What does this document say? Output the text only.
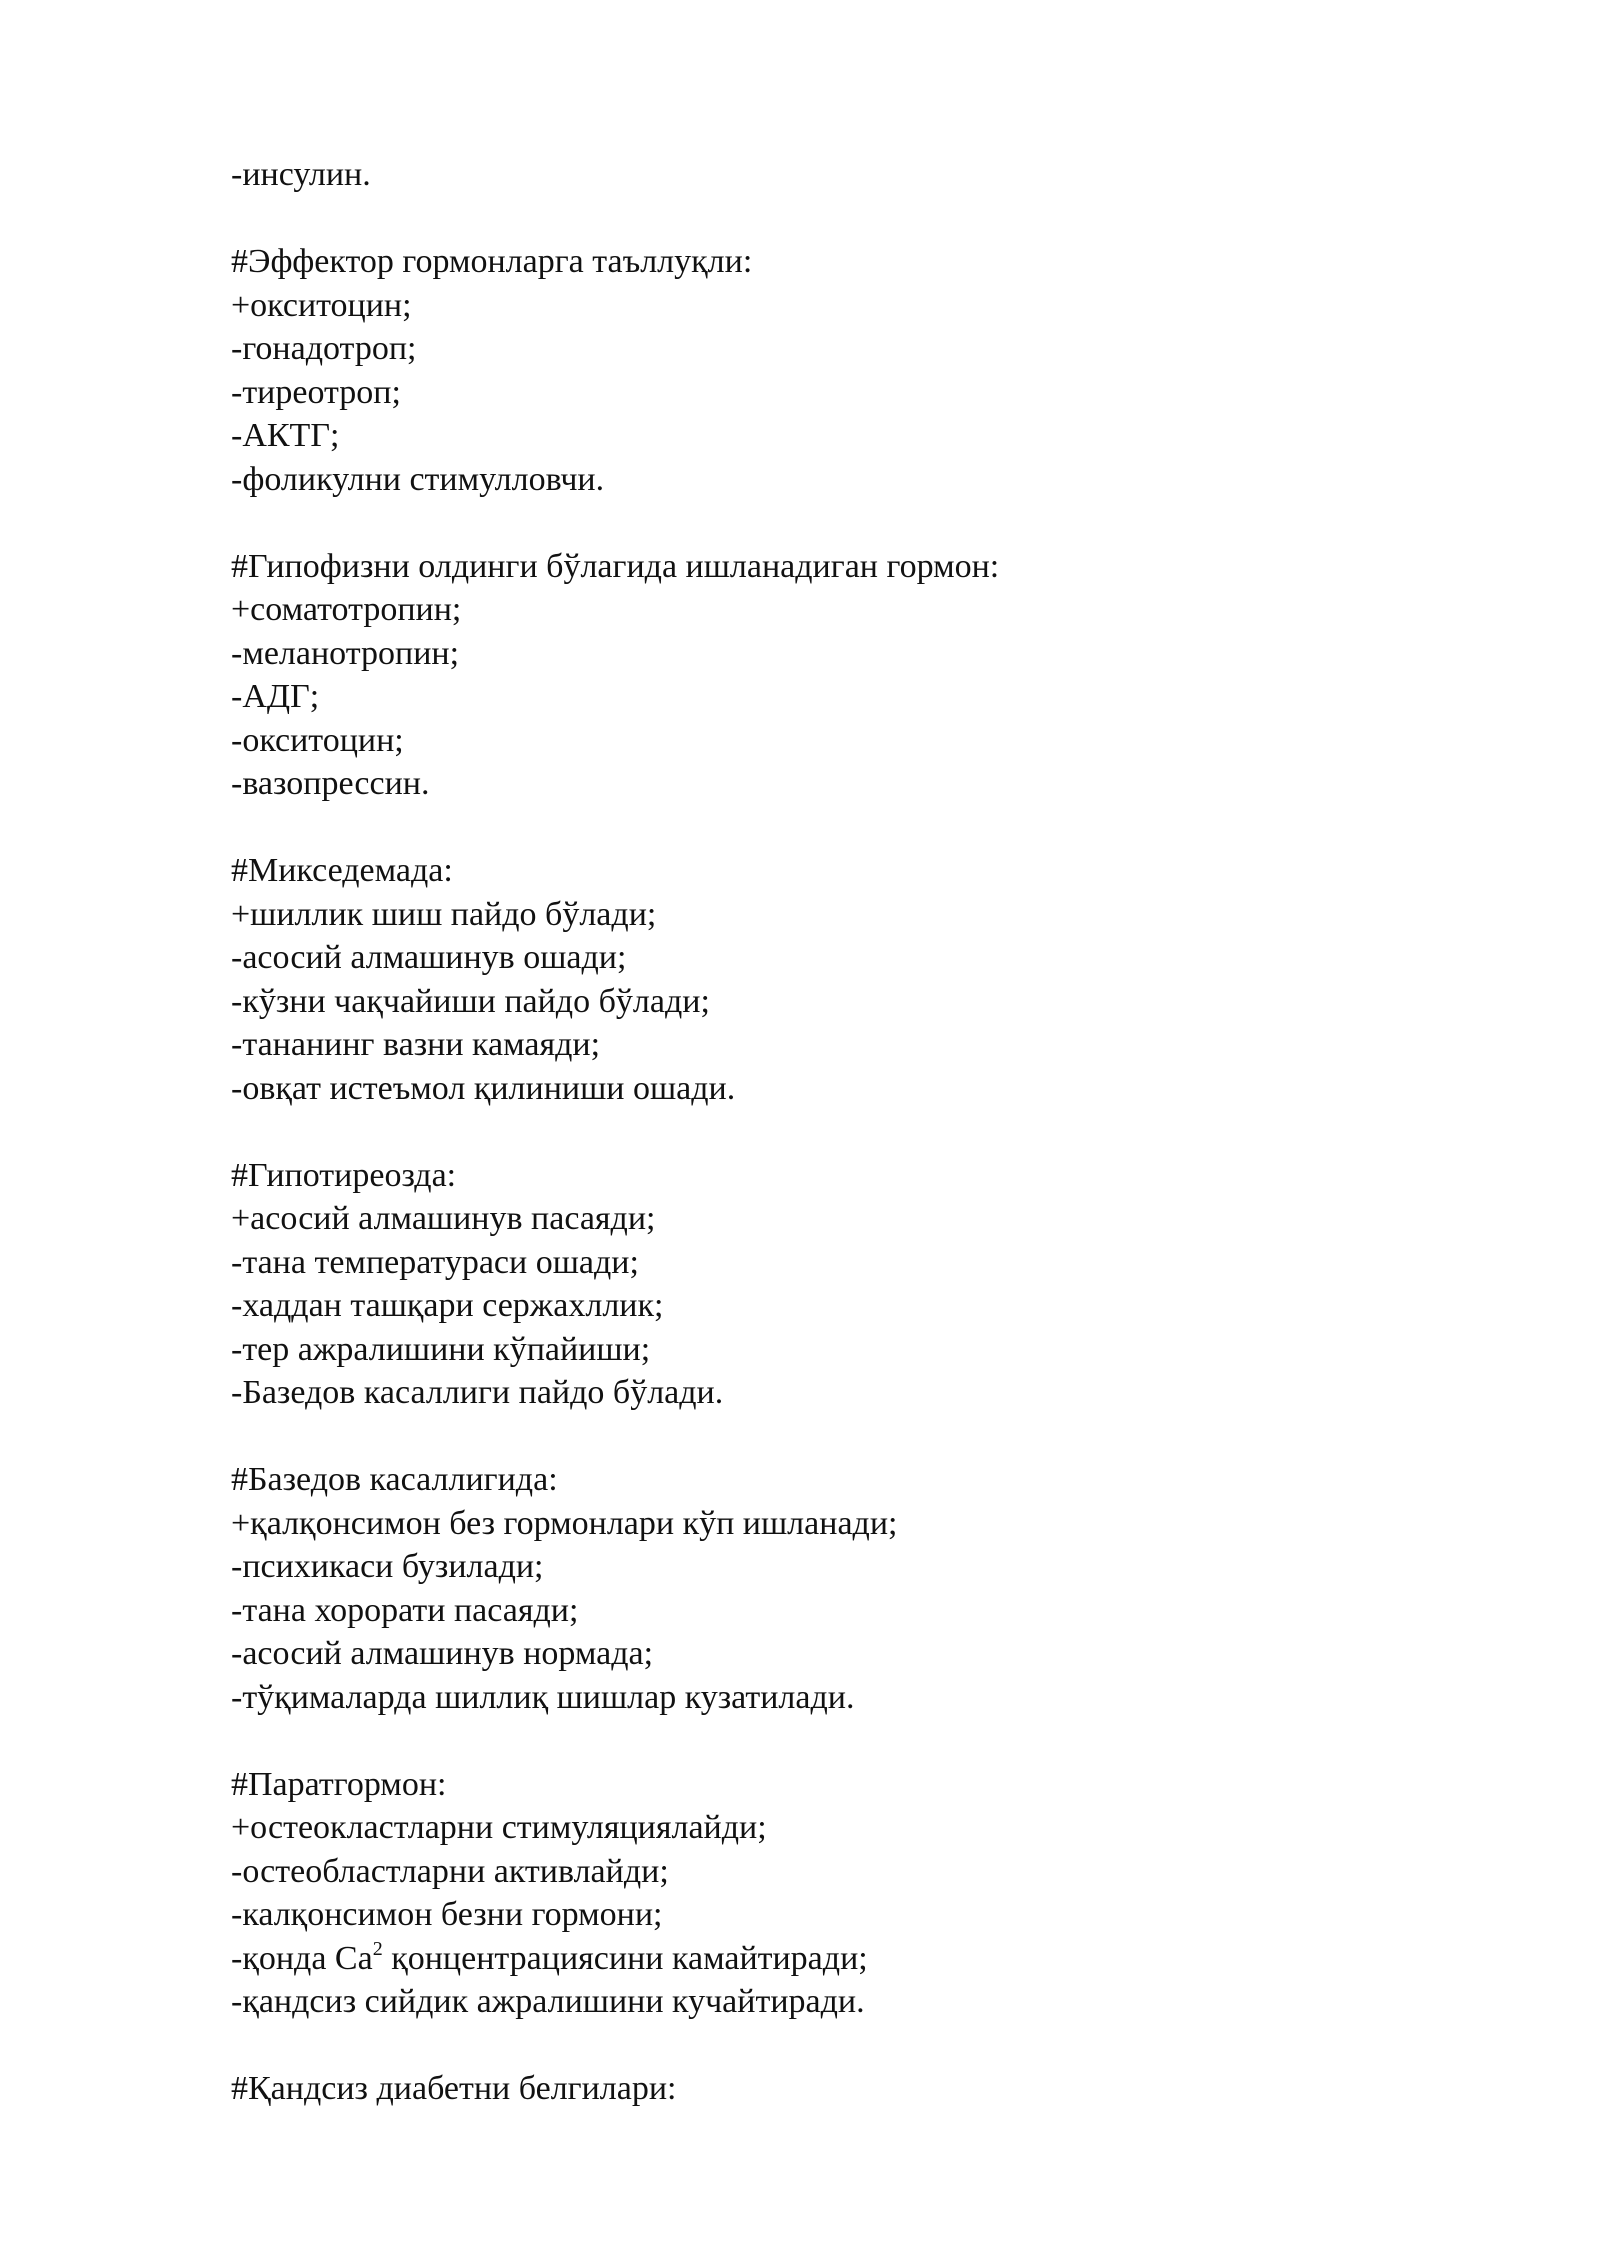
-инсулин.
#Эффектор гормонларга таъллуқли:
+окситоцин;
-гонадотроп;
-тиреотроп;
-АКТГ;
-фоликулни стимулловчи.
#Гипофизни олдинги бўлагида ишланадиган гормон:
+соматотропин;
-меланотропин;
-АДГ;
-окситоцин;
-вазопрессин.
#Микседемада:
+шиллик шиш пайдо бўлади;
-асосий алмашинув ошади;
-кўзни чақчайиши пайдо бўлади;
-тананинг вазни камаяди;
-овқат истеъмол қилиниши ошади.
#Гипотиреозда:
+асосий алмашинув пасаяди;
-тана температураси ошади;
-хаддан ташқари сержахллик;
-тер ажралишини кўпайиши;
-Базедов касаллиги пайдо бўлади.
#Базедов касаллигида:
+қалқонсимон без гормонлари кўп ишланади;
-психикаси бузилади;
-тана хорорати пасаяди;
-асосий алмашинув нормада;
-тўқималарда шиллиқ шишлар кузатилади.
#Паратгормон:
+остеокластларни стимуляциялайди;
-остеобластларни активлайди;
-калқонсимон безни гормони;
-қонда Ca$^2$ қонцентрациясини камайтиради;
-қандсиз сийдик ажралишини кучайтиради.
#Қандсиз диабетни белгилари:
